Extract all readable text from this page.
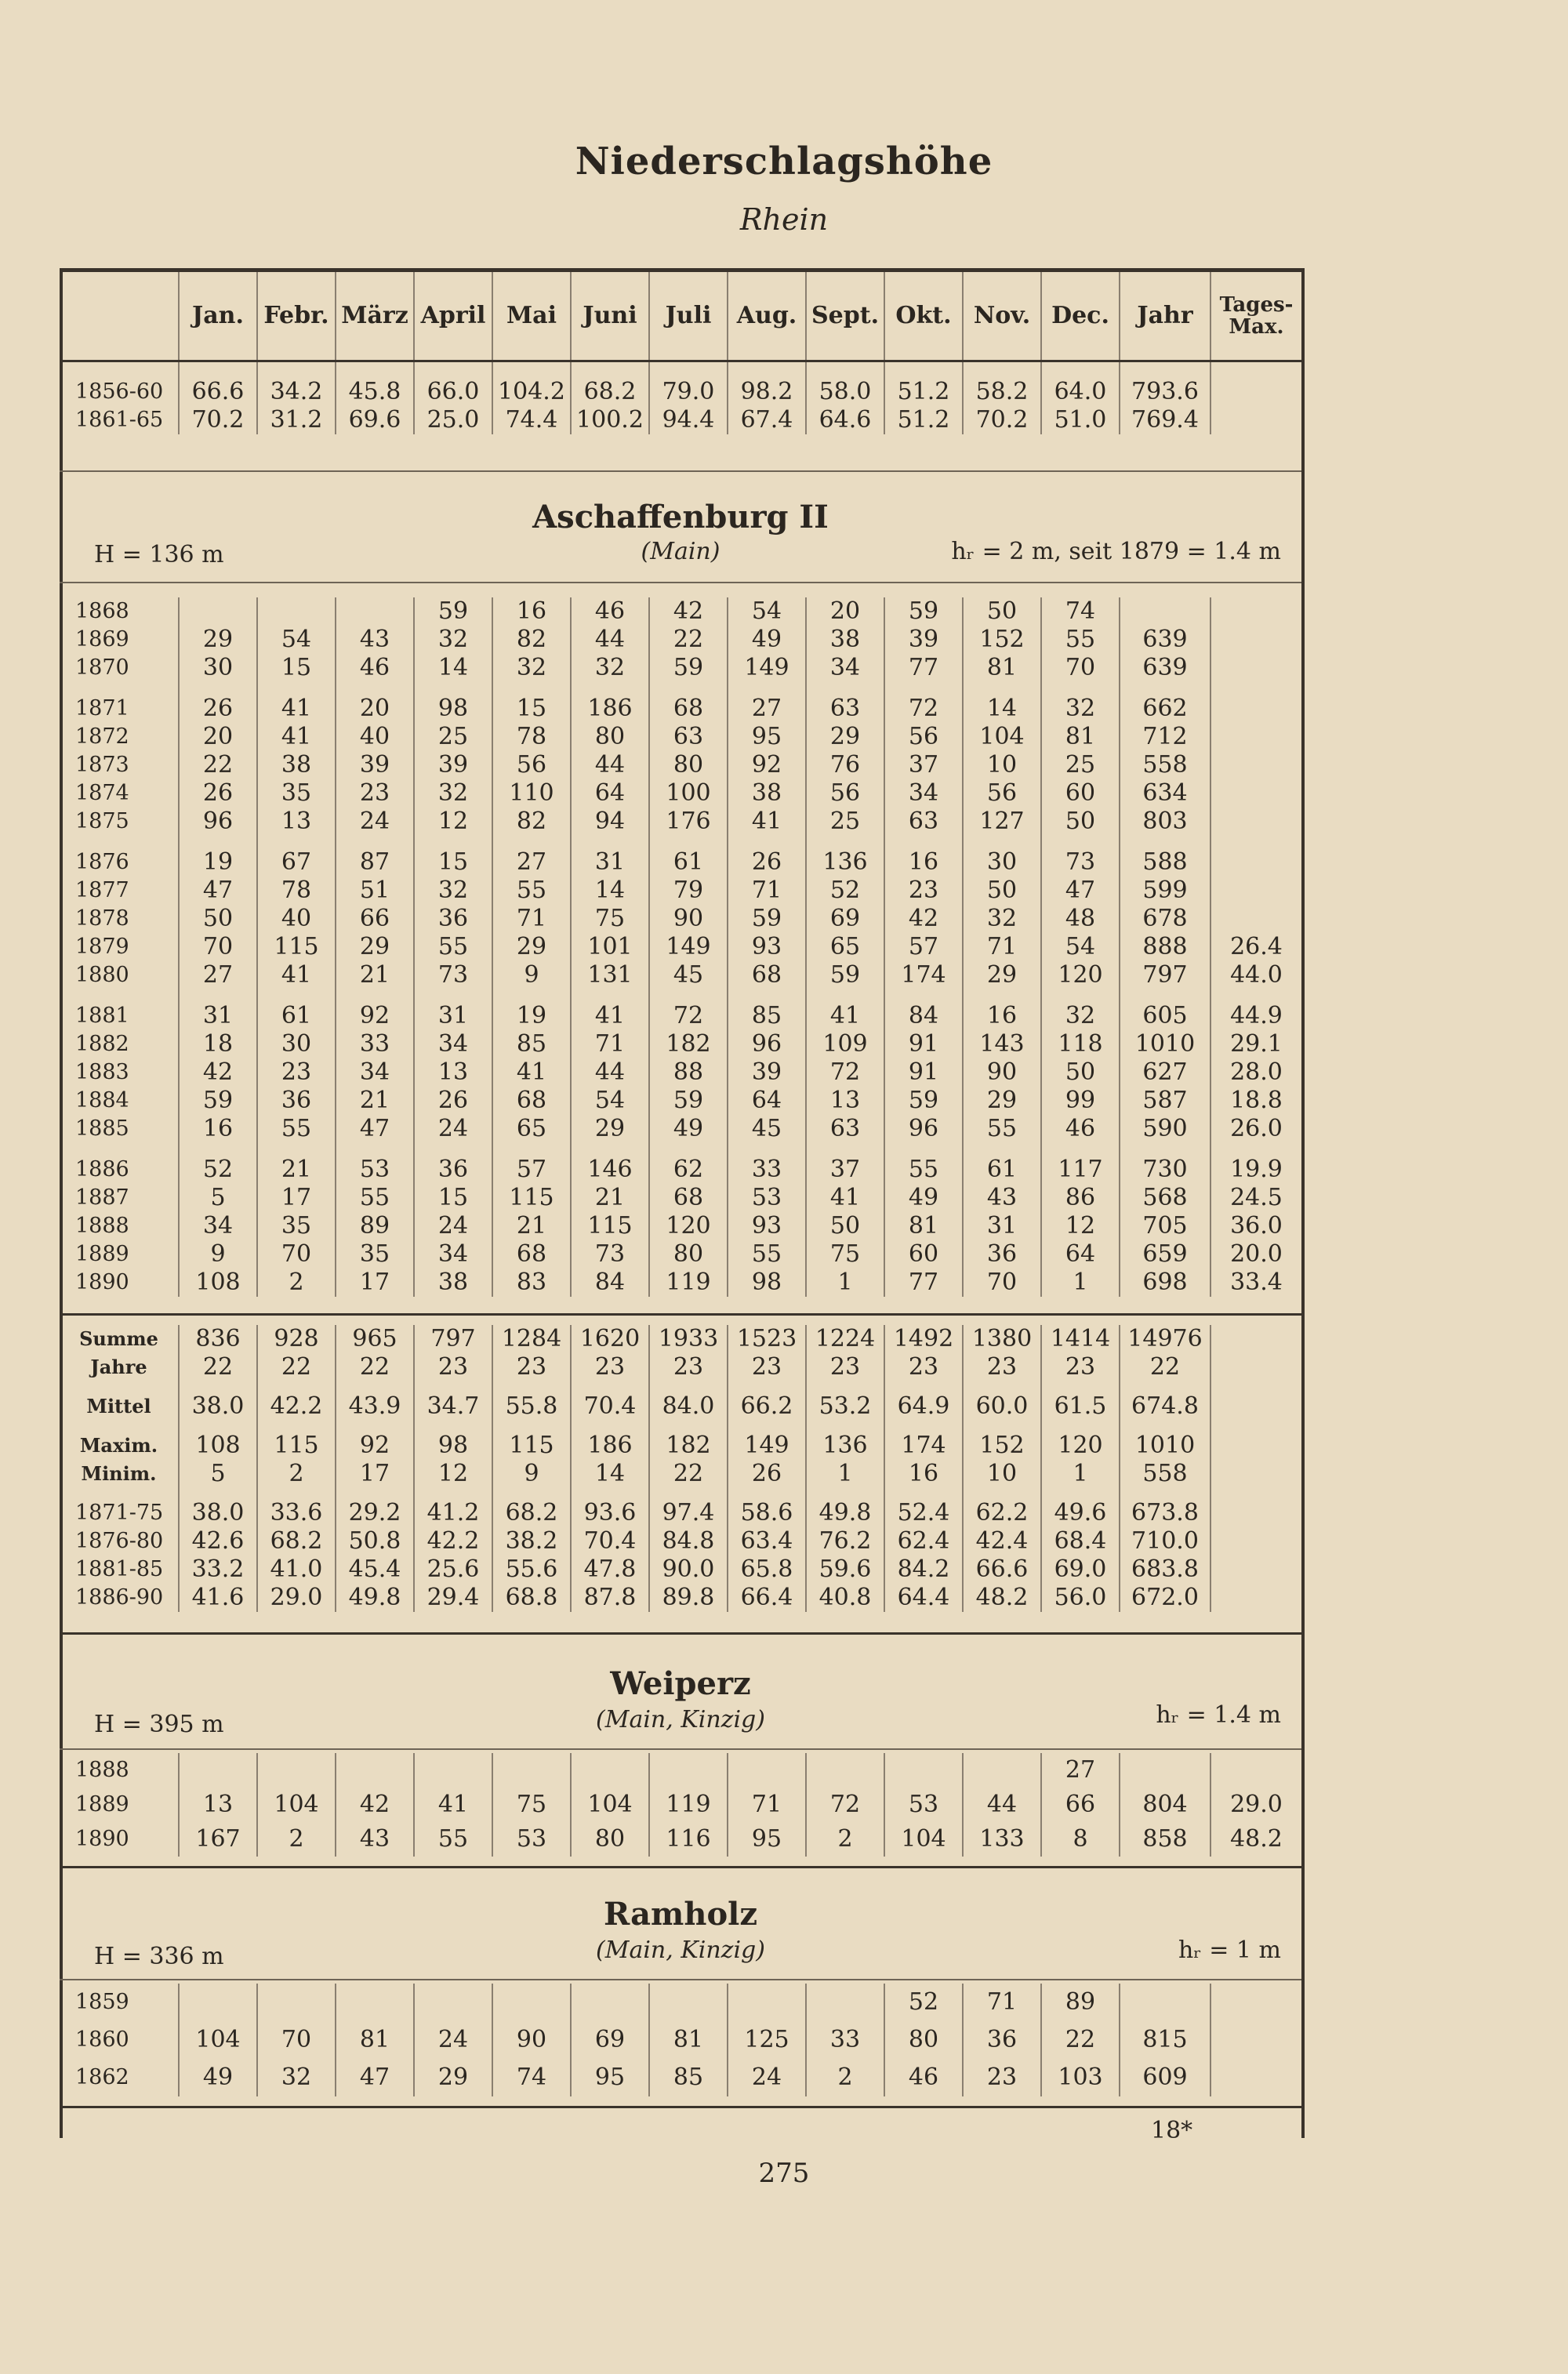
Niederschlagshöhe
Rhein
	Jan.	Febr.	März	April	Mai	Juni	Juli	Aug.	Sept.	Okt.	Nov.	Dec.	Jahr	Tages-Max.

1856-60	66.6	34.2	45.8	66.0	104.2	68.2	79.0	98.2	58.0	51.2	58.2	64.0	793.6	
1861-65	70.2	31.2	69.6	25.0	74.4	100.2	94.4	67.4	64.6	51.2	70.2	51.0	769.4	
Aschaffenburg II
(Main)
H = 136 m	hᵣ = 2 m, seit 1879 = 1.4 m
1868				59	16	46	42	54	20	59	50	74		
1869	29	54	43	32	82	44	22	49	38	39	152	55	639	
1870	30	15	46	14	32	32	59	149	34	77	81	70	639	

1871	26	41	20	98	15	186	68	27	63	72	14	32	662	
1872	20	41	40	25	78	80	63	95	29	56	104	81	712	
1873	22	38	39	39	56	44	80	92	76	37	10	25	558	
1874	26	35	23	32	110	64	100	38	56	34	56	60	634	
1875	96	13	24	12	82	94	176	41	25	63	127	50	803	

1876	19	67	87	15	27	31	61	26	136	16	30	73	588	
1877	47	78	51	32	55	14	79	71	52	23	50	47	599	
1878	50	40	66	36	71	75	90	59	69	42	32	48	678	
1879	70	115	29	55	29	101	149	93	65	57	71	54	888	26.4
1880	27	41	21	73	9	131	45	68	59	174	29	120	797	44.0

1881	31	61	92	31	19	41	72	85	41	84	16	32	605	44.9
1882	18	30	33	34	85	71	182	96	109	91	143	118	1010	29.1
1883	42	23	34	13	41	44	88	39	72	91	90	50	627	28.0
1884	59	36	21	26	68	54	59	64	13	59	29	99	587	18.8
1885	16	55	47	24	65	29	49	45	63	96	55	46	590	26.0

1886	52	21	53	36	57	146	62	33	37	55	61	117	730	19.9
1887	5	17	55	15	115	21	68	53	41	49	43	86	568	24.5
1888	34	35	89	24	21	115	120	93	50	81	31	12	705	36.0
1889	9	70	35	34	68	73	80	55	75	60	36	64	659	20.0
1890	108	2	17	38	83	84	119	98	1	77	70	1	698	33.4
Summe	836	928	965	797	1284	1620	1933	1523	1224	1492	1380	1414	14976	
Jahre	22	22	22	23	23	23	23	23	23	23	23	23	22	

Mittel	38.0	42.2	43.9	34.7	55.8	70.4	84.0	66.2	53.2	64.9	60.0	61.5	674.8	

Maxim.	108	115	92	98	115	186	182	149	136	174	152	120	1010	
Minim.	5	2	17	12	9	14	22	26	1	16	10	1	558	

1871-75	38.0	33.6	29.2	41.2	68.2	93.6	97.4	58.6	49.8	52.4	62.2	49.6	673.8	
1876-80	42.6	68.2	50.8	42.2	38.2	70.4	84.8	63.4	76.2	62.4	42.4	68.4	710.0	
1881-85	33.2	41.0	45.4	25.6	55.6	47.8	90.0	65.8	59.6	84.2	66.6	69.0	683.8	
1886-90	41.6	29.0	49.8	29.4	68.8	87.8	89.8	66.4	40.8	64.4	48.2	56.0	672.0	
Weiperz
(Main, Kinzig)
H = 395 m	hᵣ = 1.4 m
1888												27		
1889	13	104	42	41	75	104	119	71	72	53	44	66	804	29.0
1890	167	2	43	55	53	80	116	95	2	104	133	8	858	48.2
Ramholz
(Main, Kinzig)
H = 336 m	hᵣ = 1 m
1859										52	71	89		
1860	104	70	81	24	90	69	81	125	33	80	36	22	815	
1862	49	32	47	29	74	95	85	24	2	46	23	103	609	
18*
275
